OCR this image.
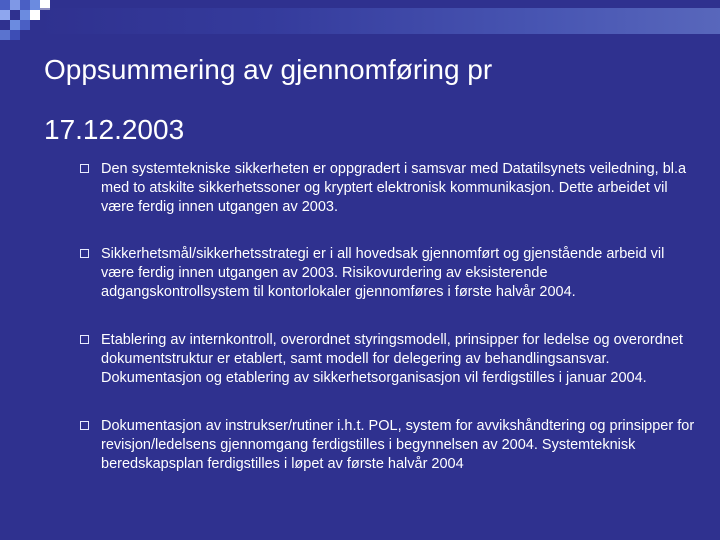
Oppsummering av gjennomføring pr
17.12.2003
Den systemtekniske sikkerheten er oppgradert i samsvar med Datatilsynets veiledning, bl.a med to atskilte sikkerhetssoner og kryptert elektronisk kommunikasjon. Dette arbeidet vil være ferdig innen utgangen av 2003.
Sikkerhetsmål/sikkerhetsstrategi er i all hovedsak gjennomført og gjenstående arbeid vil være ferdig innen utgangen av 2003. Risikovurdering av eksisterende adgangskontrollsystem til kontorlokaler gjennomføres i første halvår 2004.
Etablering av internkontroll, overordnet styringsmodell, prinsipper for ledelse og overordnet dokumentstruktur er etablert, samt modell for delegering av behandlingsansvar. Dokumentasjon og etablering av sikkerhetsorganisasjon vil ferdigstilles i januar 2004.
Dokumentasjon av instrukser/rutiner i.h.t. POL, system for avvikshåndtering og prinsipper for revisjon/ledelsens gjennomgang ferdigstilles i begynnelsen av 2004. Systemteknisk beredskapsplan ferdigstilles i løpet av første halvår 2004
